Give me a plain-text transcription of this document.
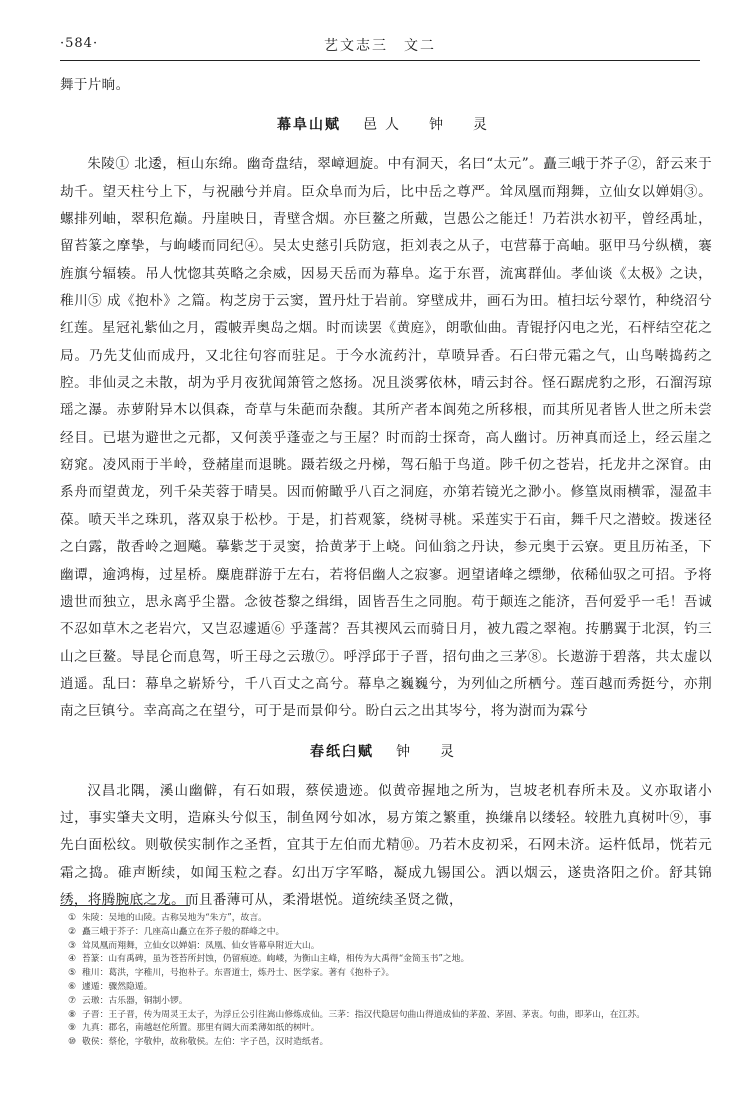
·584·	艺文志三　文二

舞于片晌。

幕阜山赋 邑人　钟　灵

朱陵① 北逶，桓山东绵。幽奇盘结，翠嶂迴旋。中有洞天，名曰“太元”。矗三峨于芥子②，舒云来于劫千。望天柱兮上下，与祝融兮并肩。臣众阜而为后，比中岳之尊严。耸凤凰而翔舞，立仙女以婵娟③。螺排列岫，翠积危巅。丹崖映日，青壁含烟。亦巨鳌之所戴，岂愚公之能迁！乃若洪水初平，曾经禹址，留苔篆之摩挚，与岣嵝而同纪④。吴太史慈引兵防寇，拒刘表之从子，屯营幕于高岫。驱甲马兮纵横，褰旌旗兮辐辏。吊人忱惚其英略之余威，因易天岳而为幕阜。迄于东晋，流寓群仙。孝仙谈《太极》之诀，稚川⑤ 成《抱朴》之篇。构芝房于云窦，置丹灶于岩前。穿壁成井，画石为田。植扫坛兮翠竹，种绕沼兮红莲。星冠礼紫仙之月，霞帔弄奥岛之烟。时而读罢《黄庭》，朗歌仙曲。青锟抒闪电之光，石枰结空花之局。乃先艾仙而成丹，又北往句容而驻足。于今水流药汁，草喷异香。石臼带元霜之气，山鸟啭捣药之腔。非仙灵之未散，胡为乎月夜犹闻箫管之悠扬。况且淡雾依林，晴云封谷。怪石踞虎豹之形，石溜泻琼瑶之瀑。赤萝附异木以俱森，奇草与朱葩而杂馥。其所产者本阆苑之所移根，而其所见者皆人世之所未尝经目。已堪为避世之元都，又何羡乎蓬壶之与王屋？时而韵士探奇，高人幽讨。历神真而迳上，经云崖之窈窕。凌风雨于半岭，登赭崖而退眺。蹑若级之丹梯，驾石船于鸟道。陟千仞之苍岩，托龙井之深窅。由系舟而望黄龙，列千朵芙蓉于晴昊。因而俯瞰乎八百之洞庭，亦第若镜光之渺小。修篁岚雨横霏，湿盈丰葆。喷天半之珠玑，落双泉于松杪。于是，扪苔观篆，绕树寻桃。采莲实于石亩，舞千尺之潜蛟。拨迷径之白露，散香岭之迴飚。摹紫芝于灵窦，拾黄茅于上峣。问仙翁之丹诀，参元奥于云寮。更且历祐圣，下幽谭，逾鸿梅，过星桥。麋鹿群游于左右，若将侣幽人之寂寥。迥望诸峰之缥缈，依稀仙驭之可招。予将遗世而独立，思永离乎尘嚣。念彼苍黎之缉缉，固皆吾生之同胞。苟于颠连之能济，吾何爱乎一毛！吾诚不忍如草木之老岩穴，又岂忍遽遁⑥ 乎蓬蒿？吾其禊风云而骑日月，被九霞之翠袍。抟鹏翼于北溟，钓三山之巨鳌。导昆仑而息驾，听王母之云璈⑦。呼浮邱于子晋，招句曲之三茅⑧。长遨游于碧落，共太虚以逍遥。乱曰：幕阜之崭矫兮，千八百丈之高兮。幕阜之巍巍兮，为列仙之所栖兮。莲百越而秀挺兮，亦荆南之巨镇兮。幸高高之在望兮，可于是而景仰兮。盼白云之出其岑兮，将为澍而为霖兮

春纸臼赋 钟　灵

汉昌北隅，溪山幽僻，有石如瑕，蔡侯遗迹。似黄帝握地之所为，岂坡老机春所未及。义亦取诸小过，事实肇夫文明，造麻头兮似玉，制鱼网兮如冰，易方策之繁重，换缣帛以缕轻。较胜九真树叶⑨，事先白面松纹。则敬侯实制作之圣哲，宜其于左伯而尤精⑩。乃若木皮初采，石网未济。运杵低昂，恍若元霜之捣。碓声断续，如闻玉粒之舂。幻出万字军略，凝成九锡国公。洒以烟云，遂贵洛阳之价。舒其锦绣，将腾腕底之龙。而且番薄可从，柔滑堪悦。道统续圣贤之微，

① 朱陵：吴地的山陵。古称吴地为“朱方”，故言。
② 矗三峨于芥子：几座高山矗立在芥子般的群峰之中。
③ 耸凤凰而翔舞，立仙女以婵娟：凤凰、仙女皆幕阜附近大山。
④ 苔篆：山有禹碑，虽为苍苔所封蚀，仍留痕迹。岣嵝，为衡山主峰，相传为大禹得“金简玉书”之地。
⑤ 稚川：葛洪，字稚川，号抱朴子。东晋道士，炼丹士、医学家。著有《抱朴子》。
⑥ 遽遁：骤然隐遁。
⑦ 云璈：古乐器，铜制小锣。
⑧ 子晋：王子晋，传为周灵王太子，为浮丘公引往嵩山修炼成仙。三茅：指汉代隐居句曲山得道成仙的茅盈、茅固、茅衷。句曲，即茅山，在江苏。
⑨ 九真：郡名，南越赵佗所置。那里有阔大而柔薄如纸的树叶。
⑩ 敬侯：蔡伦，字敬仲，故称敬侯。左伯：字子邑，汉时造纸者。
